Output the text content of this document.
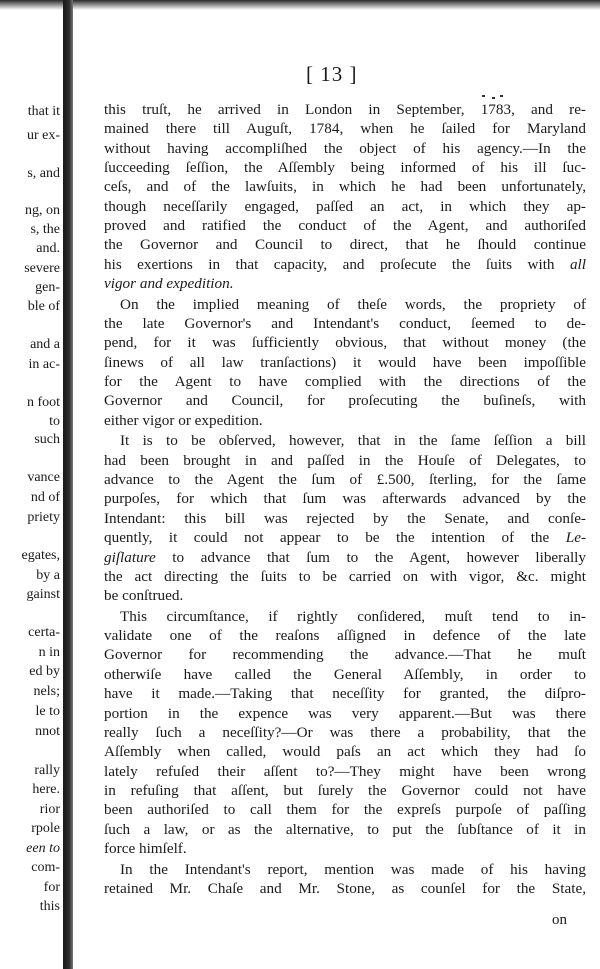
that it
ur ex-
s, and
ng, on
s, the
and.
severe
gen-
ble of
and a
in ac-
n foot
to
such
vance
nd of
priety
egates,
by a
gainst
certa-
n in
ed by
nels;
le to
nnot
rally
here.
rior
rpole
een to
com-
for
this
[ 13 ]
this truſt, he arrived in London in September, 1783, and re-
mained there till Auguſt, 1784, when he ſailed for Maryland
without having accompliſhed the object of his agency.—In the
ſucceeding ſeſſion, the Aſſembly being informed of his ill ſuc-
ceſs, and of the lawſuits, in which he had been unfortunately,
though neceſſarily engaged, paſſed an act, in which they ap-
proved and ratified the conduct of the Agent, and authoriſed
the Governor and Council to direct, that he ſhould continue
his exertions in that capacity, and proſecute the ſuits with all
vigor and expedition.
On the implied meaning of theſe words, the propriety of
the late Governor's and Intendant's conduct, ſeemed to de-
pend, for it was ſufficiently obvious, that without money (the
ſinews of all law tranſactions) it would have been impoſſible
for the Agent to have complied with the directions of the
Governor and Council, for proſecuting the buſineſs, with
either vigor or expedition.
It is to be obſerved, however, that in the ſame ſeſſion a bill
had been brought in and paſſed in the Houſe of Delegates, to
advance to the Agent the ſum of £.500, ſterling, for the ſame
purpoſes, for which that ſum was afterwards advanced by the
Intendant: this bill was rejected by the Senate, and conſe-
quently, it could not appear to be the intention of the Le-
giſlature to advance that ſum to the Agent, however liberally
the act directing the ſuits to be carried on with vigor, &c. might
be conſtrued.
This circumſtance, if rightly conſidered, muſt tend to in-
validate one of the reaſons aſſigned in defence of the late
Governor for recommending the advance.—That he muſt
otherwiſe have called the General Aſſembly, in order to
have it made.—Taking that neceſſity for granted, the diſpro-
portion in the expence was very apparent.—But was there
really ſuch a neceſſity?—Or was there a probability, that the
Aſſembly when called, would paſs an act which they had ſo
lately refuſed their aſſent to?—They might have been wrong
in refuſing that aſſent, but ſurely the Governor could not have
been authoriſed to call them for the expreſs purpoſe of paſſing
ſuch a law, or as the alternative, to put the ſubſtance of it in
force himſelf.
In the Intendant's report, mention was made of his having
retained Mr. Chaſe and Mr. Stone, as counſel for the State,
on
